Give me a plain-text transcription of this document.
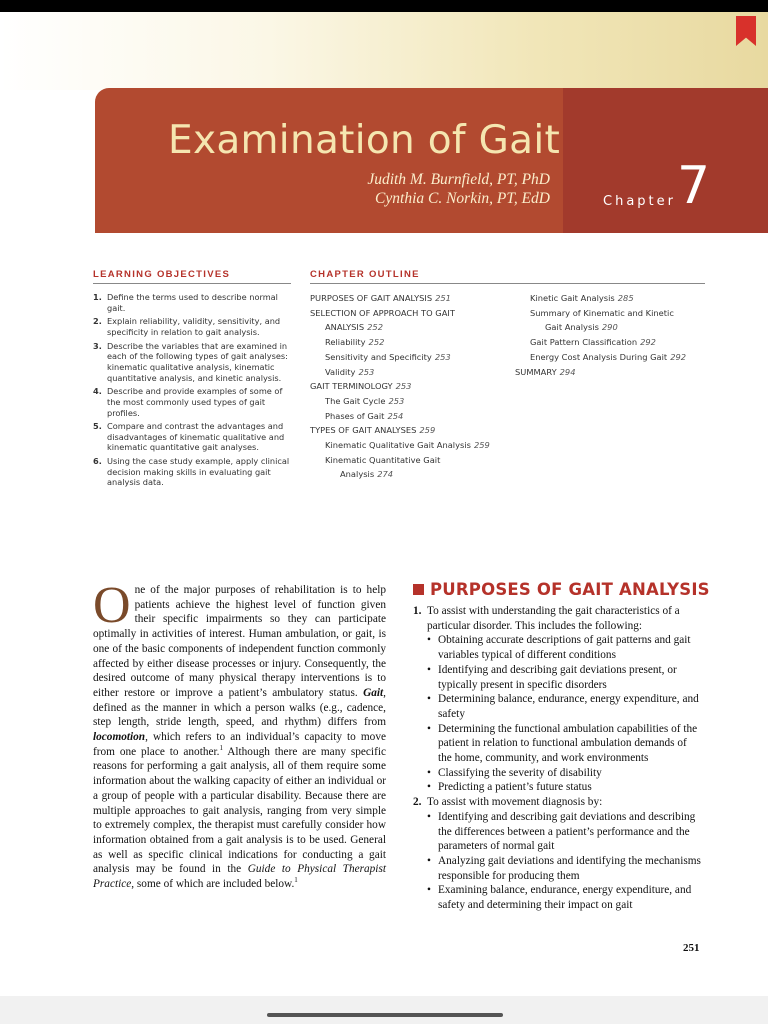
Examination of Gait
Judith M. Burnfield, PT, PhD
Cynthia C. Norkin, PT, EdD	Chapter 7
LEARNING OBJECTIVES
1. Define the terms used to describe normal gait.
2. Explain reliability, validity, sensitivity, and specificity in relation to gait analysis.
3. Describe the variables that are examined in each of the following types of gait analyses: kinematic qualitative analysis, kinematic quantitative analysis, and kinetic analysis.
4. Describe and provide examples of some of the most commonly used types of gait profiles.
5. Compare and contrast the advantages and disadvantages of kinematic qualitative and kinematic quantitative gait analyses.
6. Using the case study example, apply clinical decision making skills in evaluating gait analysis data.
CHAPTER OUTLINE
PURPOSES OF GAIT ANALYSIS 251
SELECTION OF APPROACH TO GAIT
ANALYSIS 252
Reliability 252
Sensitivity and Specificity 253
Validity 253
GAIT TERMINOLOGY 253
The Gait Cycle 253
Phases of Gait 254
TYPES OF GAIT ANALYSES 259
Kinematic Qualitative Gait Analysis 259
Kinematic Quantitative Gait
Analysis 274
Kinetic Gait Analysis 285
Summary of Kinematic and Kinetic
Gait Analysis 290
Gait Pattern Classification 292
Energy Cost Analysis During Gait 292
SUMMARY 294
O ne of the major purposes of rehabilitation is to help patients achieve the highest level of function given their specific impairments so they can participate optimally in activities of interest. Human ambulation, or gait, is one of the basic components of independent function commonly affected by either disease processes or injury. Consequently, the desired outcome of many physical therapy interventions is to either restore or improve a patient’s ambulatory status. Gait, defined as the manner in which a person walks (e.g., cadence, step length, stride length, speed, and rhythm) differs from locomotion, which refers to an individual’s capacity to move from one place to another.$^1$ Although there are many specific reasons for performing a gait analysis, all of them require some information about the walking capacity of either an individual or a group of people with a particular disability. Because there are multiple approaches to gait analysis, ranging from very simple to extremely complex, the therapist must carefully consider how information obtained from a gait analysis is to be used. General as well as specific clinical indications for conducting a gait analysis may be found in the Guide to Physical Therapist Practice, some of which are included below.$^1$

PURPOSES OF GAIT ANALYSIS
1. To assist with understanding the gait characteristics of a particular disorder. This includes the following:
• Obtaining accurate descriptions of gait patterns and gait variables typical of different conditions
• Identifying and describing gait deviations present, or typically present in specific disorders
• Determining balance, endurance, energy expenditure, and safety
• Determining the functional ambulation capabilities of the patient in relation to functional ambulation demands of the home, community, and work environments
• Classifying the severity of disability
• Predicting a patient’s future status
2. To assist with movement diagnosis by:
• Identifying and describing gait deviations and describing the differences between a patient’s performance and the parameters of normal gait
• Analyzing gait deviations and identifying the mechanisms responsible for producing them
• Examining balance, endurance, energy expenditure, and safety and determining their impact on gait
251
